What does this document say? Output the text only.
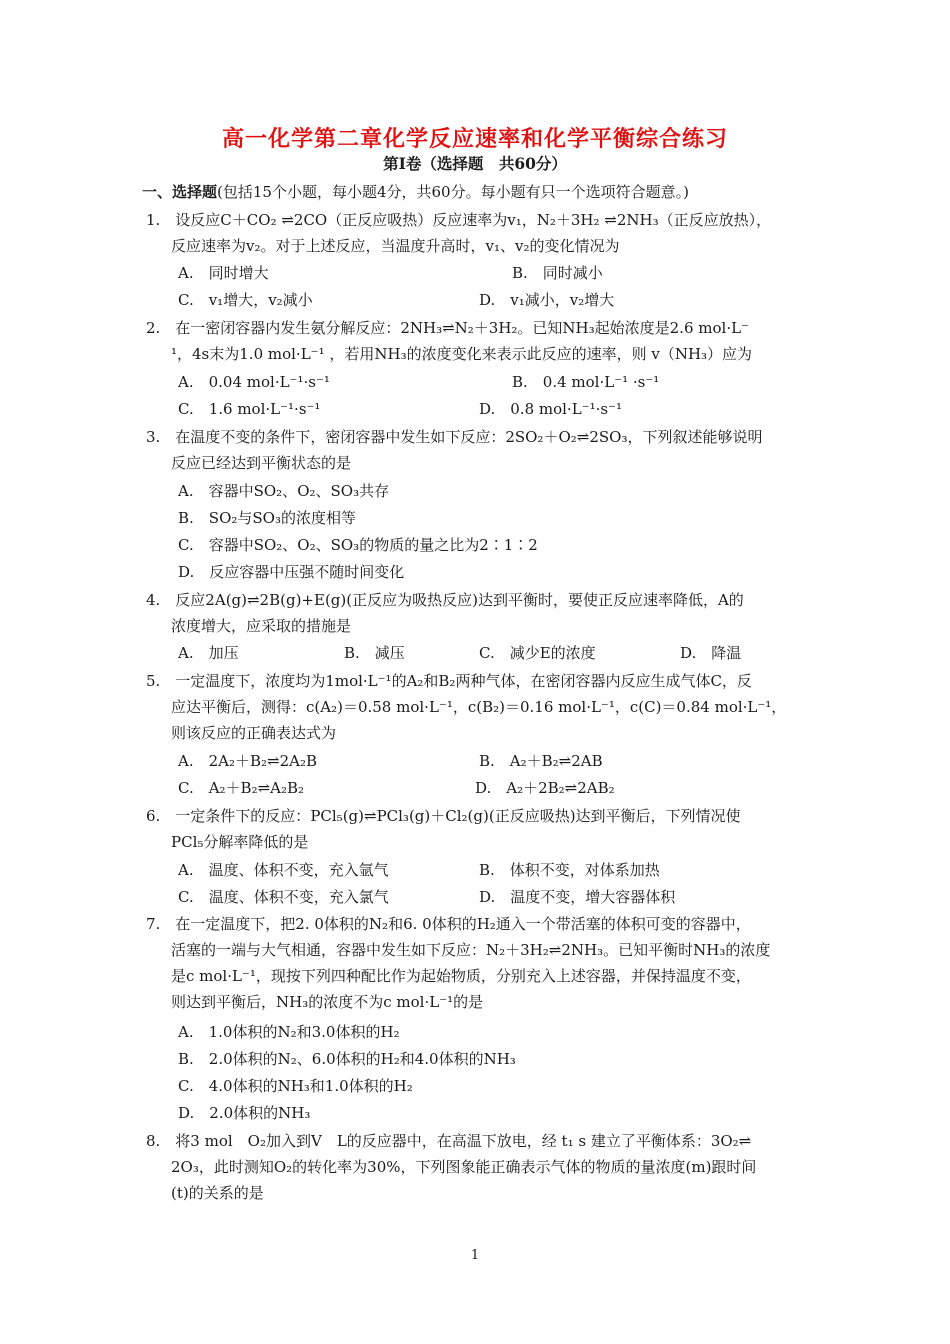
高一化学第二章化学反应速率和化学平衡综合练习
第Ⅰ卷（选择题　共60分）
一、选择题(包括15个小题，每小题4分，共60分。每小题有只一个选项符合题意。)
1.　设反应C＋CO₂ ⇌2CO（正反应吸热）反应速率为v₁，N₂＋3H₂ ⇌2NH₃（正反应放热），
反应速率为v₂。对于上述反应，当温度升高时，v₁、v₂的变化情况为
A.　同时增大	B.　同时减小
C.　v₁增大，v₂减小	D.　v₁减小，v₂增大
2.　在一密闭容器内发生氨分解反应：2NH₃⇌N₂＋3H₂。已知NH₃起始浓度是2.6 mol·L⁻
¹，4s末为1.0 mol·L⁻¹ ，若用NH₃的浓度变化来表示此反应的速率，则 v（NH₃）应为
A.　0.04 mol·L⁻¹·s⁻¹	B.　0.4 mol·L⁻¹ ·s⁻¹
C.　1.6 mol·L⁻¹·s⁻¹	D.　0.8 mol·L⁻¹·s⁻¹
3.　在温度不变的条件下，密闭容器中发生如下反应：2SO₂＋O₂⇌2SO₃，下列叙述能够说明
反应已经达到平衡状态的是
A.　容器中SO₂、O₂、SO₃共存
B.　SO₂与SO₃的浓度相等
C.　容器中SO₂、O₂、SO₃的物质的量之比为2∶1∶2
D.　反应容器中压强不随时间变化
4.　反应2A(g)⇌2B(g)+E(g)(正反应为吸热反应)达到平衡时，要使正反应速率降低，A的
浓度增大，应采取的措施是
A.　加压	B.　减压	C.　减少E的浓度	D.　降温
5.　一定温度下，浓度均为1mol·L⁻¹的A₂和B₂两种气体，在密闭容器内反应生成气体C，反
应达平衡后，测得：c(A₂)＝0.58 mol·L⁻¹，c(B₂)＝0.16 mol·L⁻¹，c(C)＝0.84 mol·L⁻¹，
则该反应的正确表达式为
A.　2A₂＋B₂⇌2A₂B	B.　A₂＋B₂⇌2AB
C.　A₂＋B₂⇌A₂B₂	D.　A₂＋2B₂⇌2AB₂
6.　一定条件下的反应：PCl₅(g)⇌PCl₃(g)＋Cl₂(g)(正反应吸热)达到平衡后，下列情况使
PCl₅分解率降低的是
A.　温度、体积不变，充入氩气	B.　体积不变，对体系加热
C.　温度、体积不变，充入氯气	D.　温度不变，增大容器体积
7.　在一定温度下，把2. 0体积的N₂和6. 0体积的H₂通入一个带活塞的体积可变的容器中，
活塞的一端与大气相通，容器中发生如下反应：N₂＋3H₂⇌2NH₃。已知平衡时NH₃的浓度
是c mol·L⁻¹，现按下列四种配比作为起始物质，分别充入上述容器，并保持温度不变，
则达到平衡后，NH₃的浓度不为c mol·L⁻¹的是
A.　1.0体积的N₂和3.0体积的H₂
B.　2.0体积的N₂、6.0体积的H₂和4.0体积的NH₃
C.　4.0体积的NH₃和1.0体积的H₂
D.　2.0体积的NH₃
8.　将3 mol　O₂加入到V　L的反应器中，在高温下放电，经 t₁ s 建立了平衡体系：3O₂⇌
2O₃，此时测知O₂的转化率为30%，下列图象能正确表示气体的物质的量浓度(m)跟时间
(t)的关系的是
1
